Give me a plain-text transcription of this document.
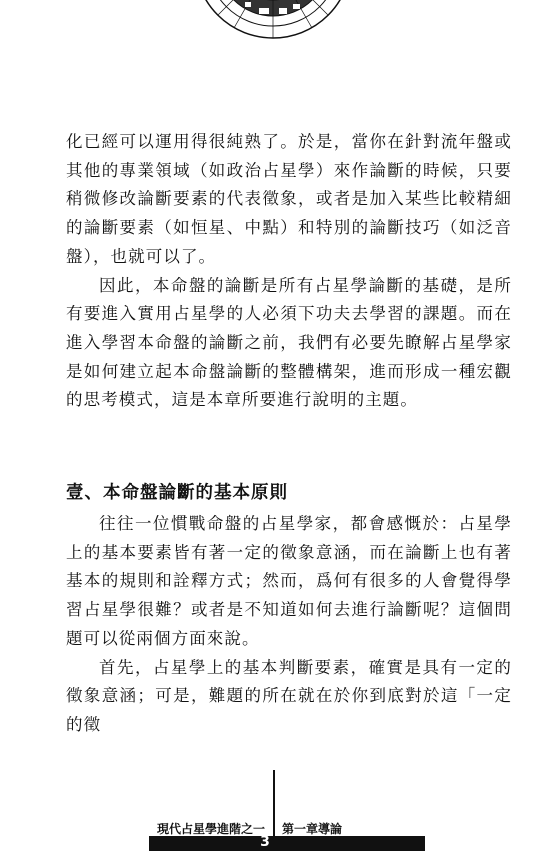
化已經可以運用得很純熟了。於是，當你在針對流年盤或其他的專業領域（如政治占星學）來作論斷的時候，只要稍微修改論斷要素的代表徵象，或者是加入某些比較精細的論斷要素（如恒星、中點）和特別的論斷技巧（如泛音盤），也就可以了。

因此，本命盤的論斷是所有占星學論斷的基礎，是所有要進入實用占星學的人必須下功夫去學習的課題。而在進入學習本命盤的論斷之前，我們有必要先瞭解占星學家是如何建立起本命盤論斷的整體構架，進而形成一種宏觀的思考模式，這是本章所要進行說明的主題。

壹、本命盤論斷的基本原則

往往一位慣戰命盤的占星學家，都會感慨於：占星學上的基本要素皆有著一定的徵象意涵，而在論斷上也有著基本的規則和詮釋方式；然而，爲何有很多的人會覺得學習占星學很難？或者是不知道如何去進行論斷呢？這個問題可以從兩個方面來說。

首先，占星學上的基本判斷要素，確實是具有一定的徵象意涵；可是，難題的所在就在於你到底對於這「一定的徵

現代占星學進階之一 第一章導論
3
